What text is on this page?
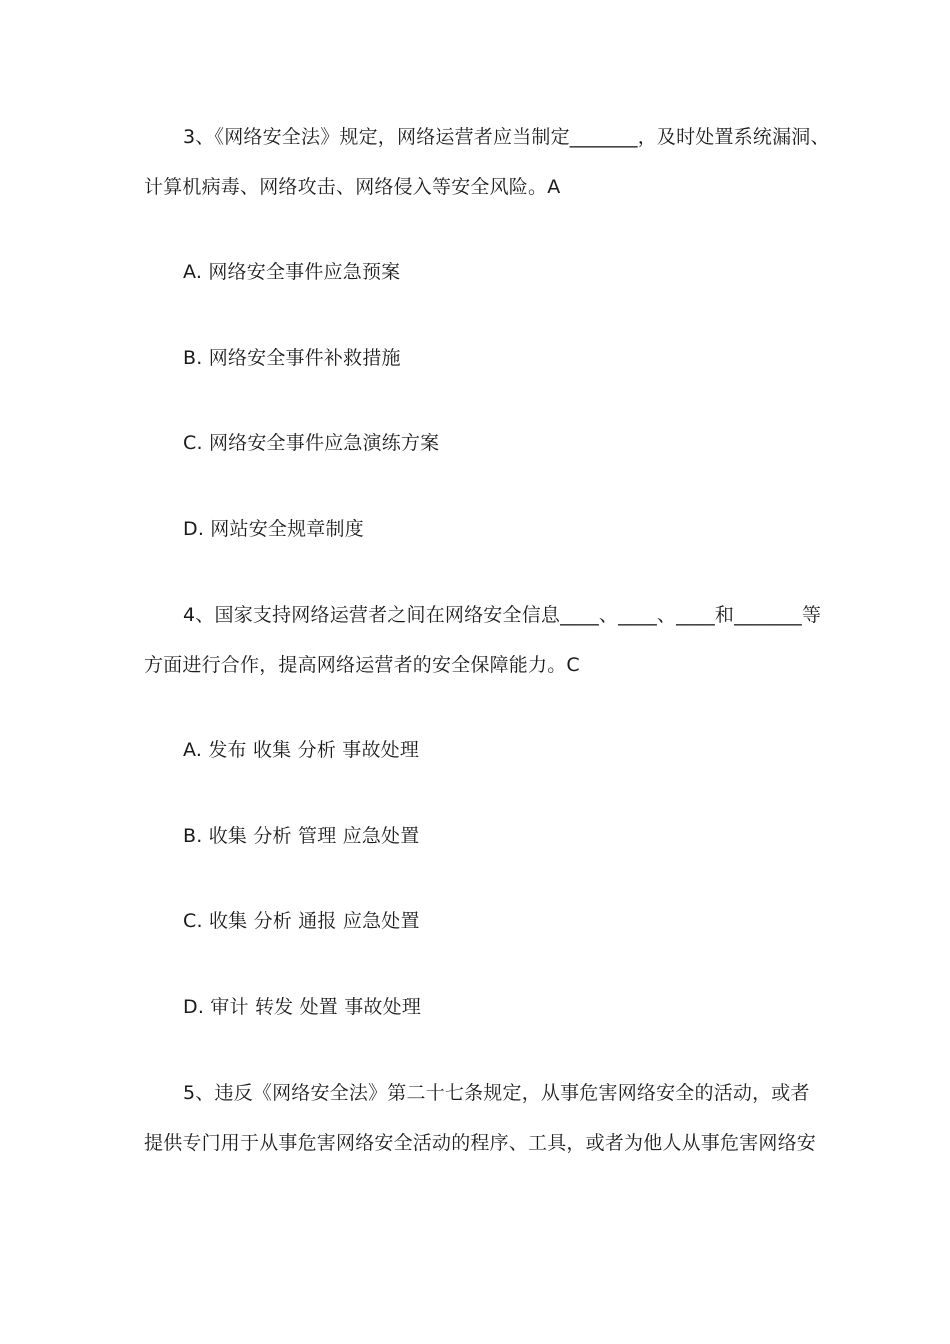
3、《网络安全法》规定，网络运营者应当制定_______，及时处置系统漏洞、
计算机病毒、网络攻击、网络侵入等安全风险。A
A. 网络安全事件应急预案
B. 网络安全事件补救措施
C. 网络安全事件应急演练方案
D. 网站安全规章制度
4、国家支持网络运营者之间在网络安全信息____、____、____和_______等
方面进行合作，提高网络运营者的安全保障能力。C
A. 发布 收集 分析 事故处理
B. 收集 分析 管理 应急处置
C. 收集 分析 通报 应急处置
D. 审计 转发 处置 事故处理
5、违反《网络安全法》第二十七条规定，从事危害网络安全的活动，或者
提供专门用于从事危害网络安全活动的程序、工具，或者为他人从事危害网络安
